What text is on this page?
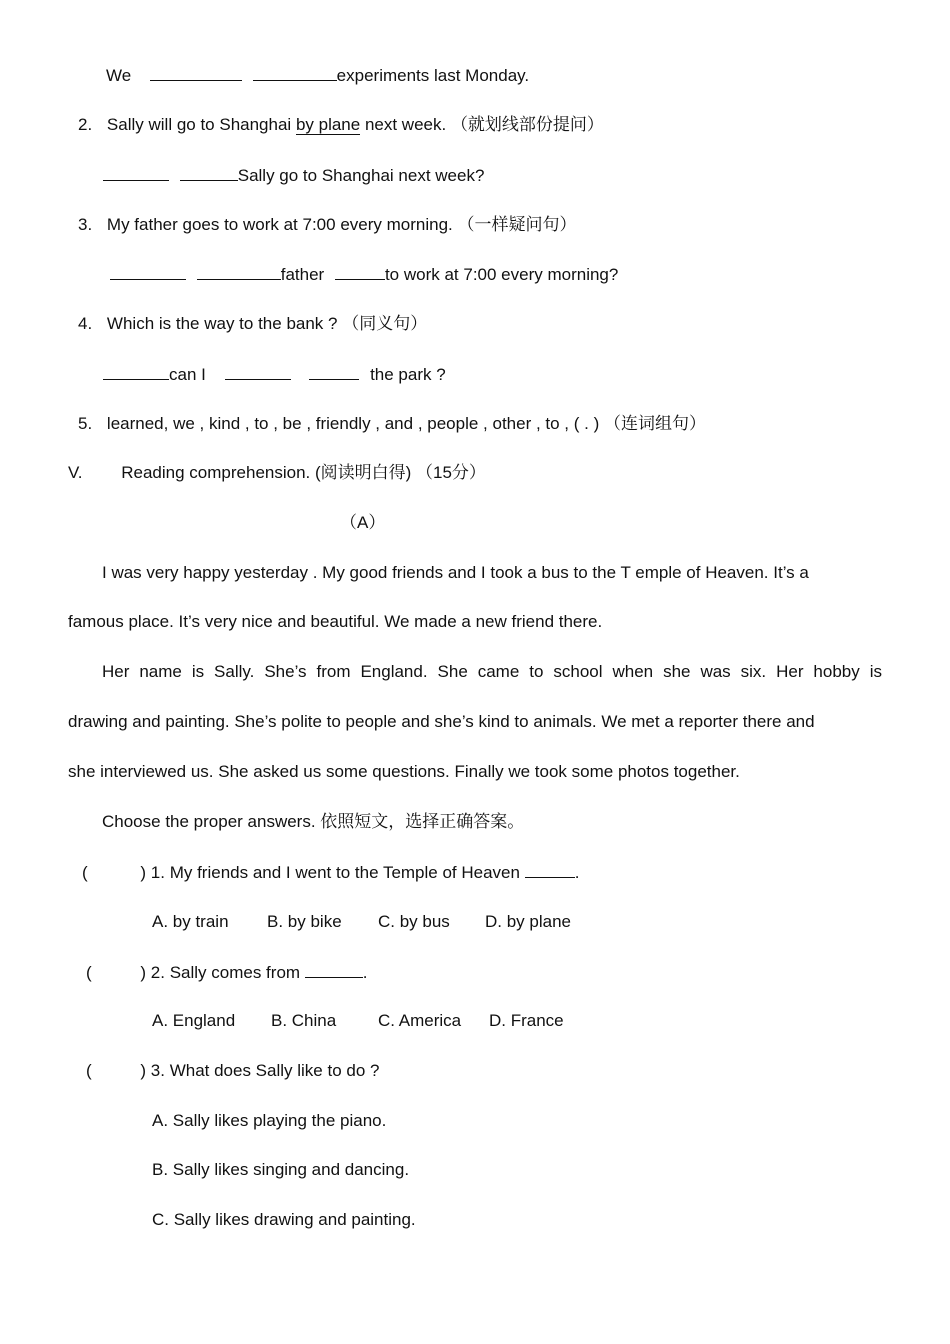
We	experiments last Monday.
2. Sally will go to Shanghai by plane next week. （就划线部份提问）
Sally go to Shanghai next week?
3. My father goes to work at 7:00 every morning. （一样疑问句）
father	to work at 7:00 every morning?
4. Which is the way to the bank ? （同义句）
can I	the park ?
5. learned, we , kind , to , be , friendly , and , people , other , to , ( . ) （连词组句）
V. Reading comprehension. (阅读明白得) （15分）
（A）
I was very happy yesterday . My good friends and I took a bus to the T emple of Heaven. It’s a
famous place. It’s very nice and beautiful. We made a new friend there.
Her name is Sally. She’s from England. She came to school when she was six. Her hobby is
drawing and painting. She’s polite to people and she’s kind to animals. We met a reporter there and
she interviewed us. She asked us some questions. Finally we took some photos together.
Choose the proper answers. 依照短文，选择正确答案。
(	) 1. My friends and I went to the Temple of Heaven	.
A. by train B. by bike C. by bus D. by plane
(	) 2. Sally comes from	.
A. England B. China C. America D. France
(	) 3. What does Sally like to do ?
A. Sally likes playing the piano.
B. Sally likes singing and dancing.
C. Sally likes drawing and painting.
